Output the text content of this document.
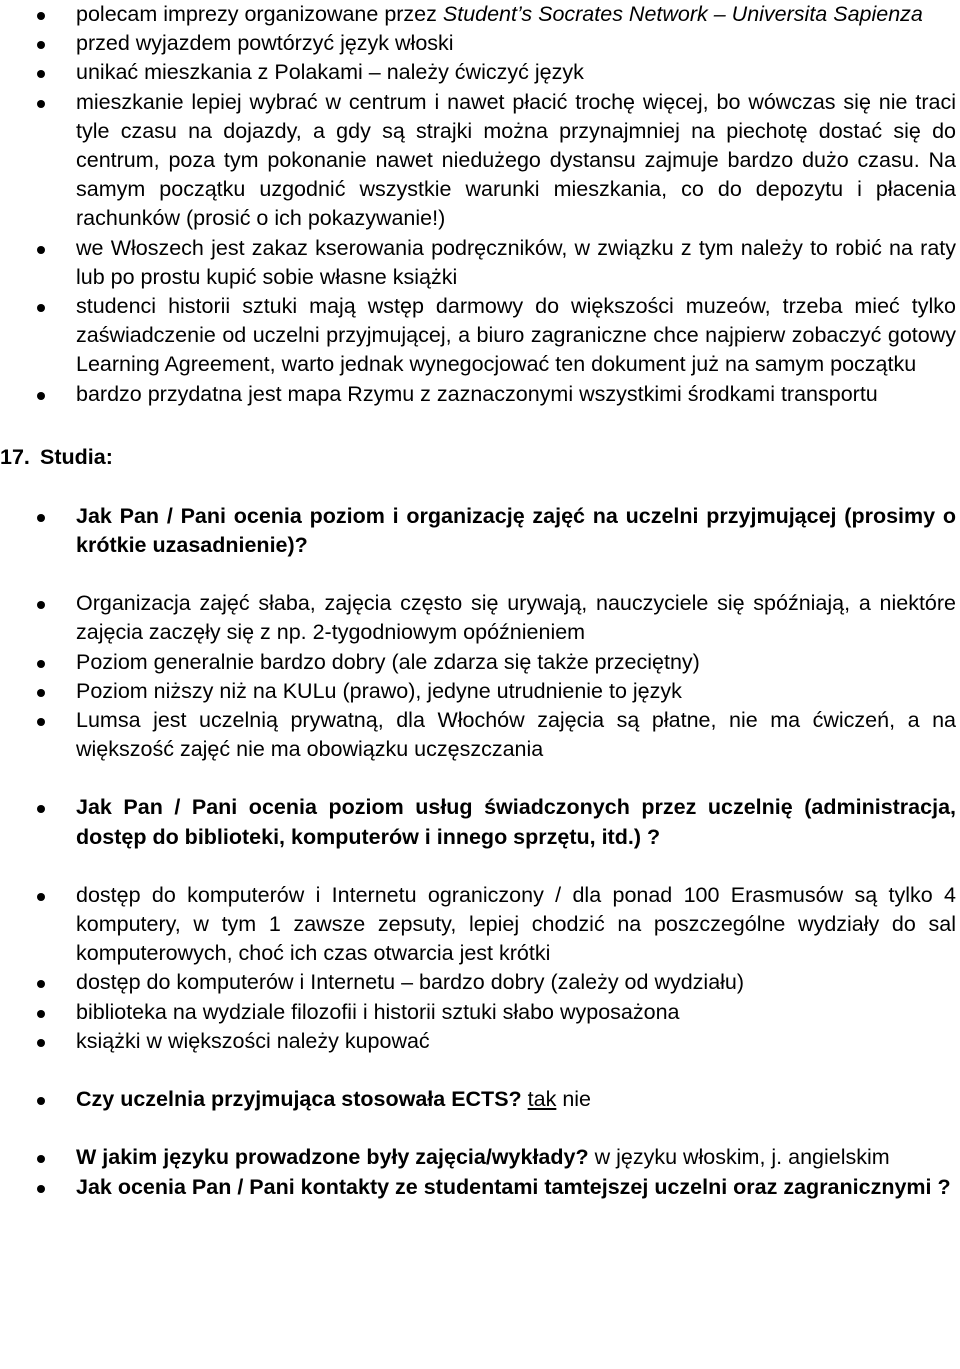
polecam imprezy organizowane przez Student’s Socrates Network – Universita Sapienza
przed wyjazdem powtórzyć język włoski
unikać mieszkania z Polakami – należy ćwiczyć język
mieszkanie lepiej wybrać w centrum i nawet płacić trochę więcej, bo wówczas się nie traci tyle czasu na dojazdy, a gdy są strajki można przynajmniej na piechotę dostać się do centrum, poza tym pokonanie nawet niedużego dystansu zajmuje bardzo dużo czasu. Na samym początku uzgodnić wszystkie warunki mieszkania, co do depozytu i płacenia rachunków (prosić o ich pokazywanie!)
we Włoszech jest zakaz kserowania podręczników, w związku z tym należy to robić na raty lub po prostu kupić sobie własne książki
studenci historii sztuki mają wstęp darmowy do większości muzeów, trzeba mieć tylko zaświadczenie od uczelni przyjmującej, a biuro zagraniczne chce najpierw zobaczyć gotowy Learning Agreement, warto jednak wynegocjować ten dokument już na samym początku
bardzo przydatna jest mapa Rzymu z zaznaczonymi wszystkimi środkami transportu
17. Studia:
Jak Pan / Pani ocenia poziom i organizację zajęć na uczelni przyjmującej (prosimy o krótkie uzasadnienie)?
Organizacja zajęć słaba, zajęcia często się urywają, nauczyciele się spóźniają, a niektóre zajęcia zaczęły się z np. 2-tygodniowym opóźnieniem
Poziom generalnie bardzo dobry (ale zdarza się także przeciętny)
Poziom niższy niż na KULu (prawo), jedyne utrudnienie to język
Lumsa jest uczelnią prywatną, dla Włochów zajęcia są płatne, nie ma ćwiczeń, a na większość zajęć nie ma obowiązku uczęszczania
Jak Pan / Pani ocenia poziom usług świadczonych przez uczelnię (administracja, dostęp do biblioteki, komputerów i innego sprzętu, itd.) ?
dostęp do komputerów i Internetu ograniczony / dla ponad 100 Erasmusów są tylko 4 komputery, w tym 1 zawsze zepsuty, lepiej chodzić na poszczególne wydziały do sal komputerowych, choć ich czas otwarcia jest krótki
dostęp do komputerów i Internetu – bardzo dobry (zależy od wydziału)
biblioteka na wydziale filozofii i historii sztuki słabo wyposażona
książki w większości należy kupować
Czy uczelnia przyjmująca stosowała ECTS? tak nie
W jakim języku prowadzone były zajęcia/wykłady? w języku włoskim, j. angielskim
Jak ocenia Pan / Pani kontakty ze studentami tamtejszej uczelni oraz zagranicznymi ?
